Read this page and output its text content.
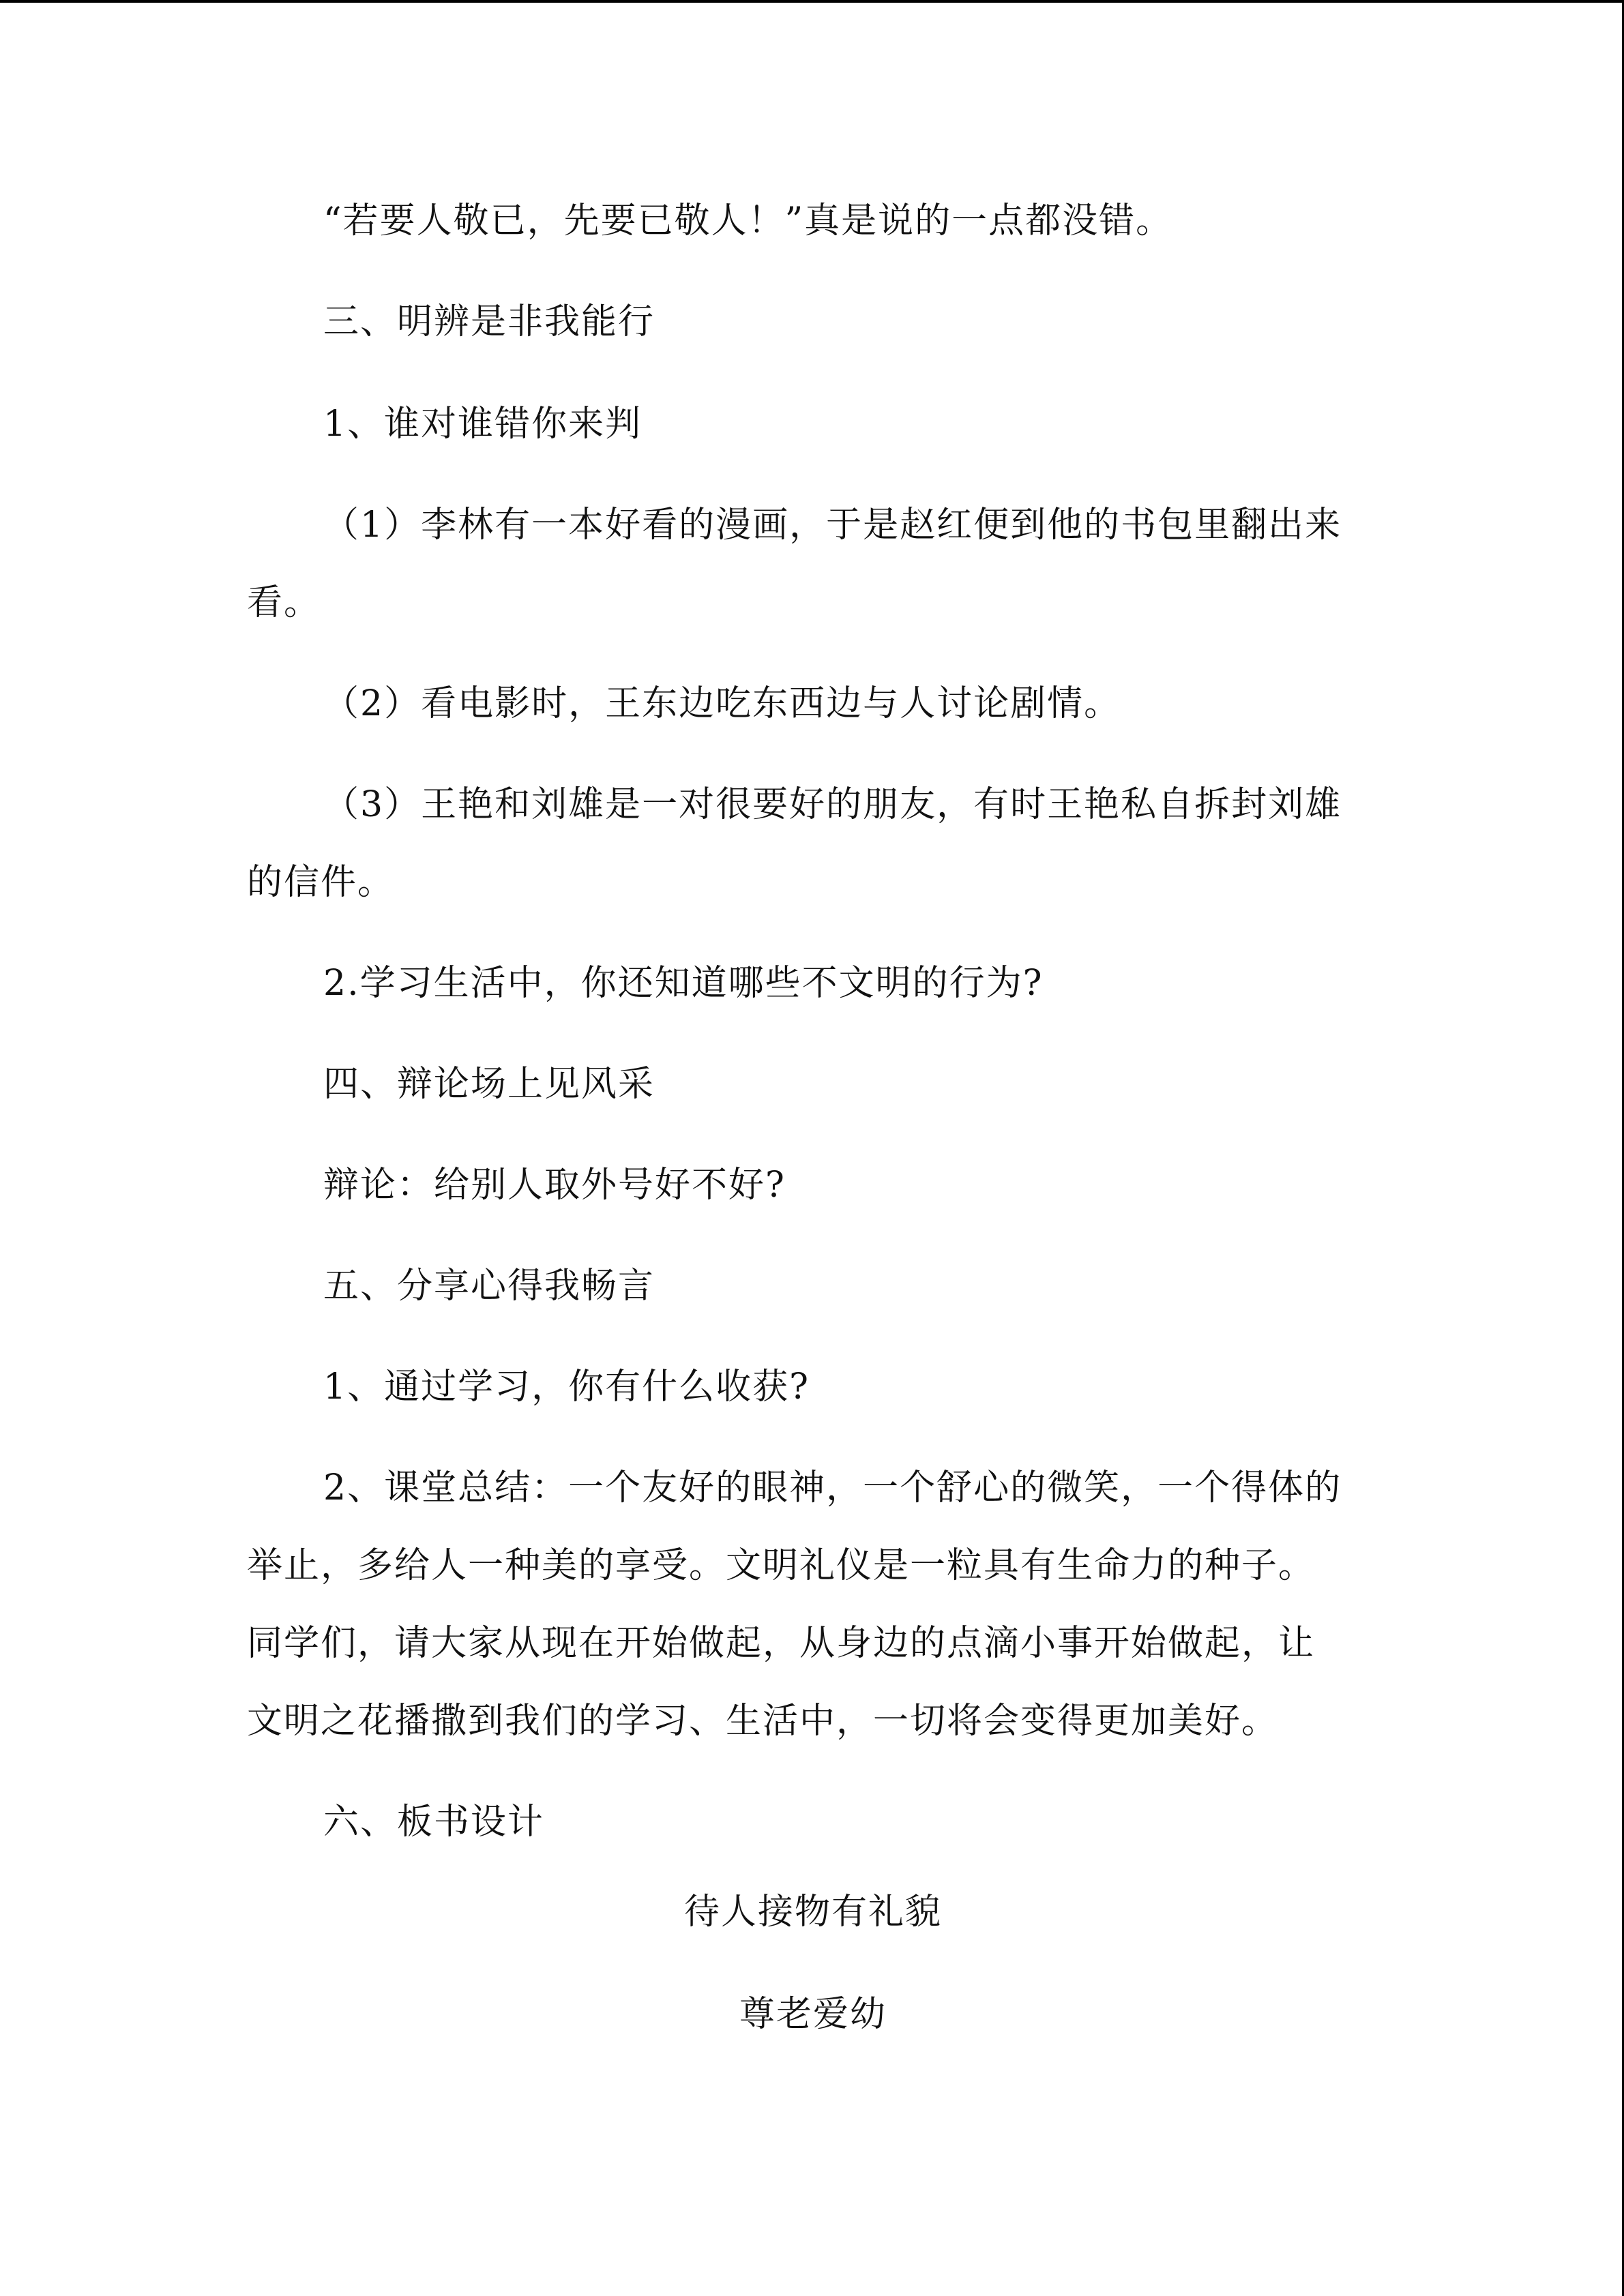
“若要人敬已，先要已敬人！”真是说的一点都没错。
三、明辨是非我能行
1、谁对谁错你来判
（1）李林有一本好看的漫画，于是赵红便到他的书包里翻出来
看。
（2）看电影时，王东边吃东西边与人讨论剧情。
（3）王艳和刘雄是一对很要好的朋友，有时王艳私自拆封刘雄
的信件。
2.学习生活中，你还知道哪些不文明的行为?
四、辩论场上见风采
辩论：给别人取外号好不好?
五、分享心得我畅言
1、通过学习，你有什么收获?
2、课堂总结：一个友好的眼神，一个舒心的微笑，一个得体的
举止，多给人一种美的享受。文明礼仪是一粒具有生命力的种子。
同学们，请大家从现在开始做起，从身边的点滴小事开始做起，让
文明之花播撒到我们的学习、生活中，一切将会变得更加美好。
六、板书设计
待人接物有礼貌
尊老爱幼
